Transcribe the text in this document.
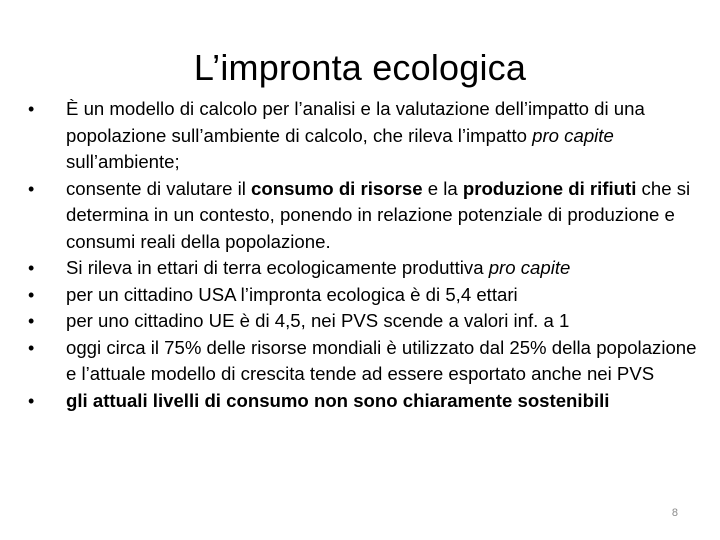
L’impronta ecologica
• È un modello di calcolo per l’analisi e la valutazione dell’impatto di una popolazione sull’ambiente di calcolo, che rileva l’impatto pro capite sull’ambiente;
• consente di valutare il consumo di risorse e la produzione di rifiuti che si determina in un contesto, ponendo in relazione potenziale di produzione e consumi reali della popolazione.
• Si rileva in ettari di terra ecologicamente produttiva pro capite
• per un cittadino USA l’impronta ecologica è di 5,4 ettari
• per uno cittadino UE è di 4,5, nei PVS scende a valori inf. a 1
• oggi circa il 75% delle risorse mondiali è utilizzato dal 25% della popolazione e l’attuale modello di crescita tende ad essere esportato anche nei PVS
• gli attuali livelli di consumo non sono chiaramente sostenibili
8
